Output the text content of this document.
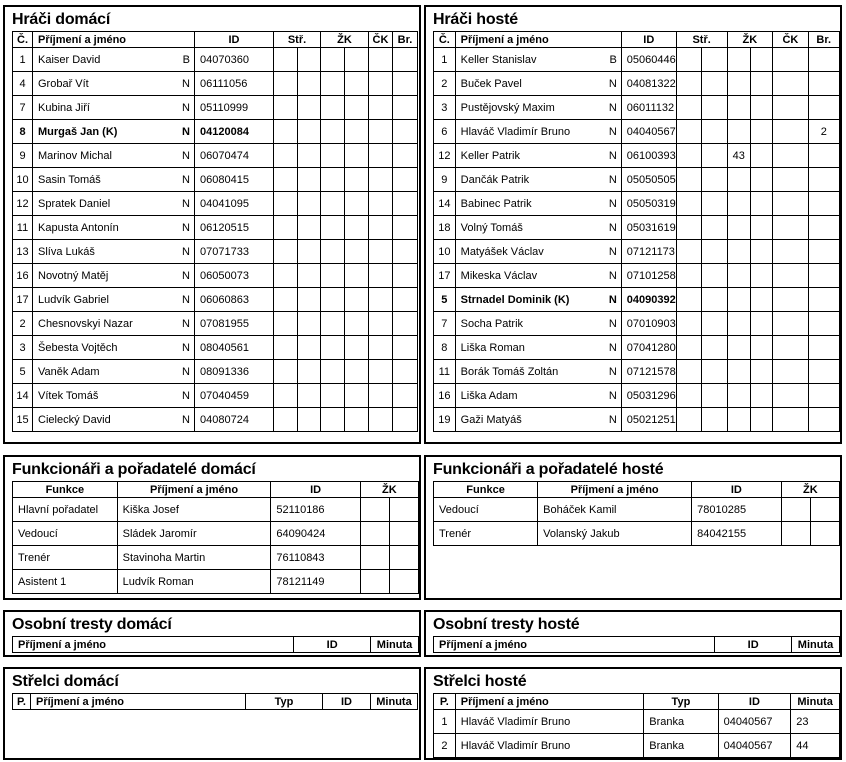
Hráči domácí
Č.	Příjmení a jméno	ID	Stř.		ŽK		ČK	Br.
1	Kaiser David B	04070360						
4	Grobař Vít N	06111056						
7	Kubina Jiří N	05110999						
8	Murgaš Jan (K) N	04120084						
9	Marinov Michal N	06070474						
10	Sasin Tomáš N	06080415						
12	Spratek Daniel N	04041095						
11	Kapusta Antonín N	06120515						
13	Slíva Lukáš N	07071733						
16	Novotný Matěj N	06050073						
17	Ludvík Gabriel N	06060863						
2	Chesnovskyi Nazar N	07081955						
3	Šebesta Vojtěch N	08040561						
5	Vaněk Adam N	08091336						
14	Vítek Tomáš N	07040459						
15	Cielecký David N	04080724						
Hráči hosté
Č.	Příjmení a jméno	ID	Stř.		ŽK		ČK	Br.
1	Keller Stanislav B	05060446						
2	Buček Pavel N	04081322						
3	Pustějovský Maxim N	06011132						
6	Hlaváč Vladimír Bruno N	04040567						2
12	Keller Patrik N	06100393			43			
9	Dančák Patrik N	05050505						
14	Babinec Patrik N	05050319						
18	Volný Tomáš N	05031619						
10	Matyášek Václav N	07121173						
17	Mikeska Václav N	07101258						
5	Strnadel Dominik (K) N	04090392						
7	Socha Patrik N	07010903						
8	Liška Roman N	07041280						
11	Borák Tomáš Zoltán N	07121578						
16	Liška Adam N	05031296						
19	Gaži Matyáš N	05021251						
Funkcionáři a pořadatelé domácí
Funkce	Příjmení a jméno	ID	ŽK	
Hlavní pořadatel	Kiška Josef	52110186		
Vedoucí	Sládek Jaromír	64090424		
Trenér	Stavinoha Martin	76110843		
Asistent 1	Ludvík Roman	78121149		
Funkcionáři a pořadatelé hosté
Funkce	Příjmení a jméno	ID	ŽK	
Vedoucí	Boháček Kamil	78010285		
Trenér	Volanský Jakub	84042155		
Osobní tresty domácí
Příjmení a jméno	ID	Minuta
Osobní tresty hosté
Příjmení a jméno	ID	Minuta
Střelci domácí
P.	Příjmení a jméno	Typ	ID	Minuta
Střelci hosté
P.	Příjmení a jméno	Typ	ID	Minuta
1	Hlaváč Vladimír Bruno	Branka	04040567	23
2	Hlaváč Vladimír Bruno	Branka	04040567	44
